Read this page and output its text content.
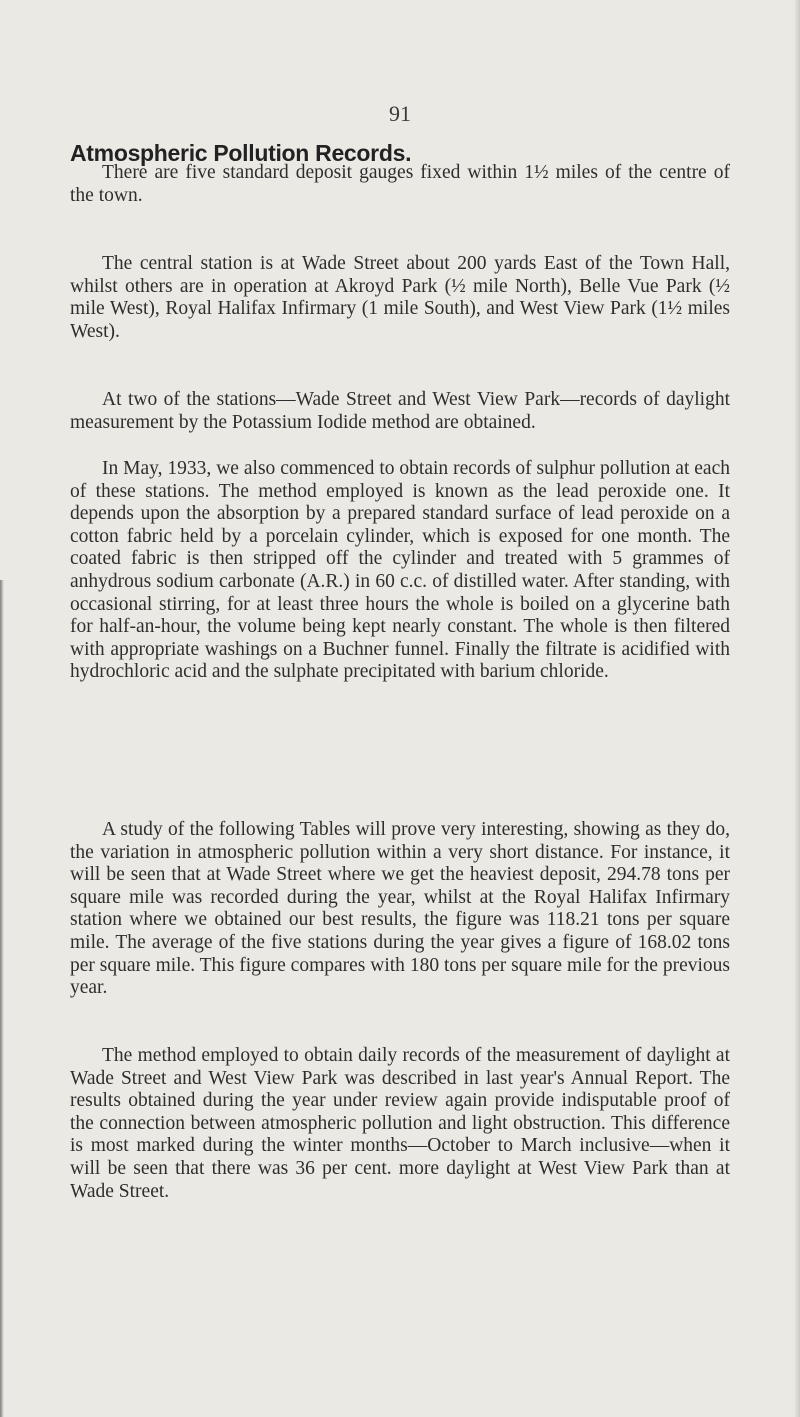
91
Atmospheric Pollution Records.

There are five standard deposit gauges fixed within 1½ miles of the centre of the town.

The central station is at Wade Street about 200 yards East of the Town Hall, whilst others are in operation at Akroyd Park (½ mile North), Belle Vue Park (½ mile West), Royal Halifax Infirmary (1 mile South), and West View Park (1½ miles West).

At two of the stations—Wade Street and West View Park—records of daylight measurement by the Potassium Iodide method are obtained.

In May, 1933, we also commenced to obtain records of sulphur pollution at each of these stations. The method employed is known as the lead peroxide one. It depends upon the absorption by a prepared standard surface of lead peroxide on a cotton fabric held by a porcelain cylinder, which is exposed for one month. The coated fabric is then stripped off the cylinder and treated with 5 grammes of anhydrous sodium carbonate (A.R.) in 60 c.c. of distilled water. After standing, with occasional stirring, for at least three hours the whole is boiled on a glycerine bath for half-an-hour, the volume being kept nearly constant. The whole is then filtered with appropriate washings on a Buchner funnel. Finally the filtrate is acidified with hydrochloric acid and the sulphate precipitated with barium chloride.

A study of the following Tables will prove very interesting, showing as they do, the variation in atmospheric pollution within a very short distance. For instance, it will be seen that at Wade Street where we get the heaviest deposit, 294.78 tons per square mile was recorded during the year, whilst at the Royal Halifax Infirmary station where we obtained our best results, the figure was 118.21 tons per square mile. The average of the five stations during the year gives a figure of 168.02 tons per square mile. This figure compares with 180 tons per square mile for the previous year.

The method employed to obtain daily records of the measurement of daylight at Wade Street and West View Park was described in last year's Annual Report. The results obtained during the year under review again provide indisputable proof of the connection between atmospheric pollution and light obstruction. This difference is most marked during the winter months—October to March inclusive—when it will be seen that there was 36 per cent. more daylight at West View Park than at Wade Street.
